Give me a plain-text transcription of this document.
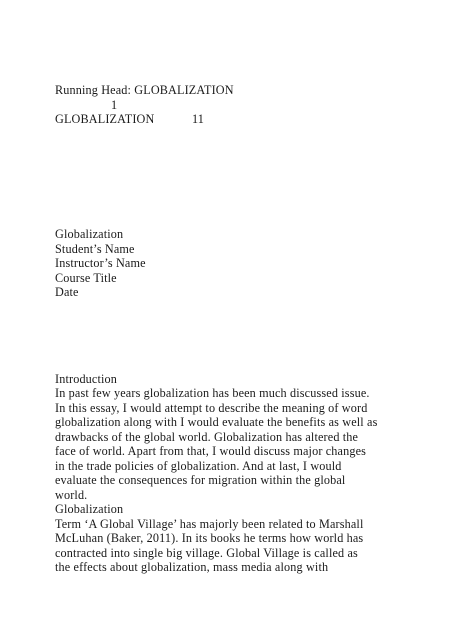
Running Head: GLOBALIZATION
1
GLOBALIZATION	11
Globalization
Student’s Name
Instructor’s Name
Course Title
Date
Introduction
In past few years globalization has been much discussed issue.
In this essay, I would attempt to describe the meaning of word
globalization along with I would evaluate the benefits as well as
drawbacks of the global world. Globalization has altered the
face of world. Apart from that, I would discuss major changes
in the trade policies of globalization. And at last, I would
evaluate the consequences for migration within the global
world.
Globalization
Term ‘A Global Village’ has majorly been related to Marshall
McLuhan (Baker, 2011). In its books he terms how world has
contracted into single big village. Global Village is called as
the effects about globalization, mass media along with
